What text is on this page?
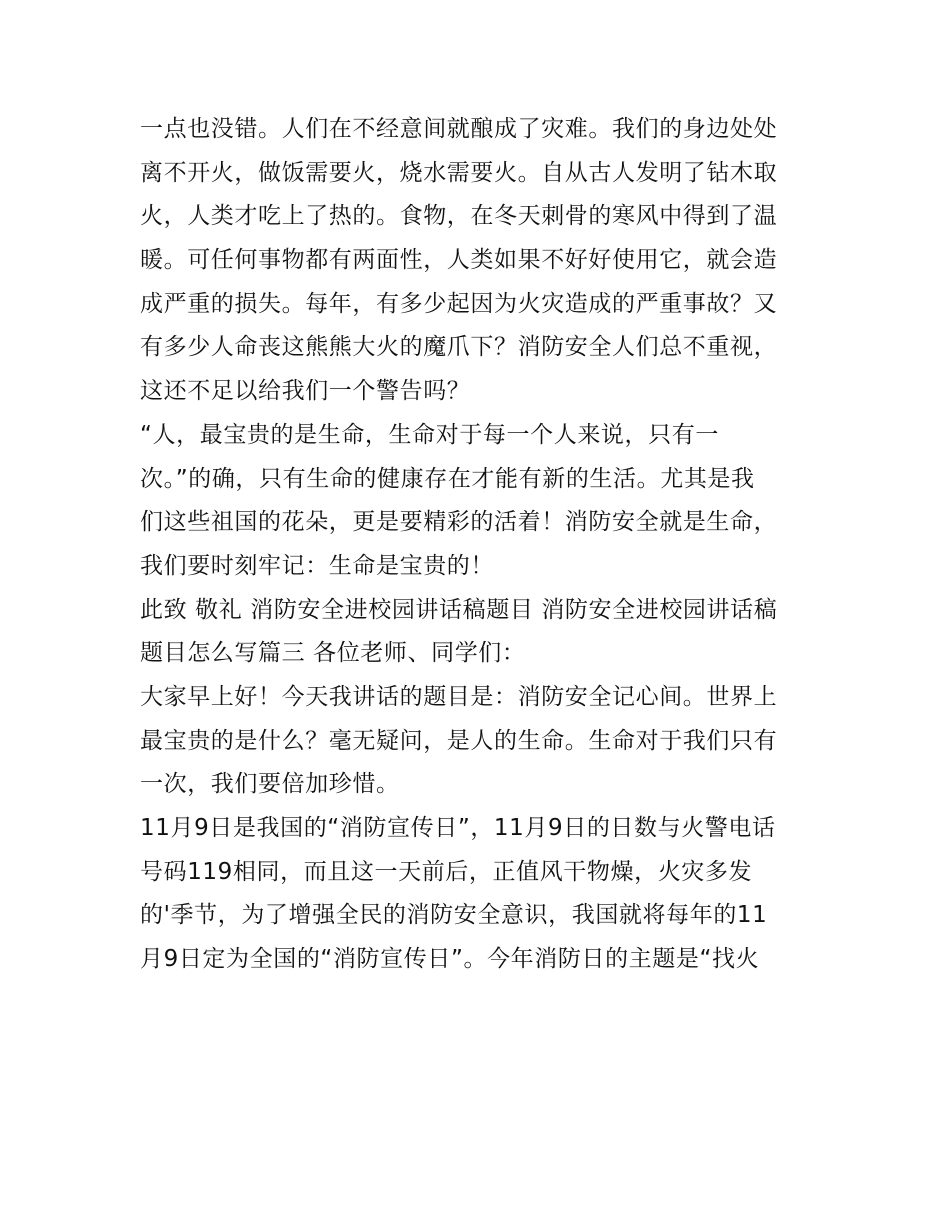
一点也没错。人们在不经意间就酿成了灾难。我们的身边处处
离不开火，做饭需要火，烧水需要火。自从古人发明了钻木取
火，人类才吃上了热的。食物，在冬天刺骨的寒风中得到了温
暖。可任何事物都有两面性，人类如果不好好使用它，就会造
成严重的损失。每年，有多少起因为火灾造成的严重事故？又
有多少人命丧这熊熊大火的魔爪下？消防安全人们总不重视，
这还不足以给我们一个警告吗？
“人，最宝贵的是生命，生命对于每一个人来说，只有一
次。”的确，只有生命的健康存在才能有新的生活。尤其是我
们这些祖国的花朵，更是要精彩的活着！消防安全就是生命，
我们要时刻牢记：生命是宝贵的！
此致 敬礼 消防安全进校园讲话稿题目 消防安全进校园讲话稿
题目怎么写篇三 各位老师、同学们：
大家早上好！今天我讲话的题目是：消防安全记心间。世界上
最宝贵的是什么？毫无疑问，是人的生命。生命对于我们只有
一次，我们要倍加珍惜。
11月9日是我国的“消防宣传日”，11月9日的日数与火警电话
号码119相同，而且这一天前后，正值风干物燥，火灾多发
的'季节，为了增强全民的消防安全意识，我国就将每年的11
月9日定为全国的“消防宣传日”。今年消防日的主题是“找火
